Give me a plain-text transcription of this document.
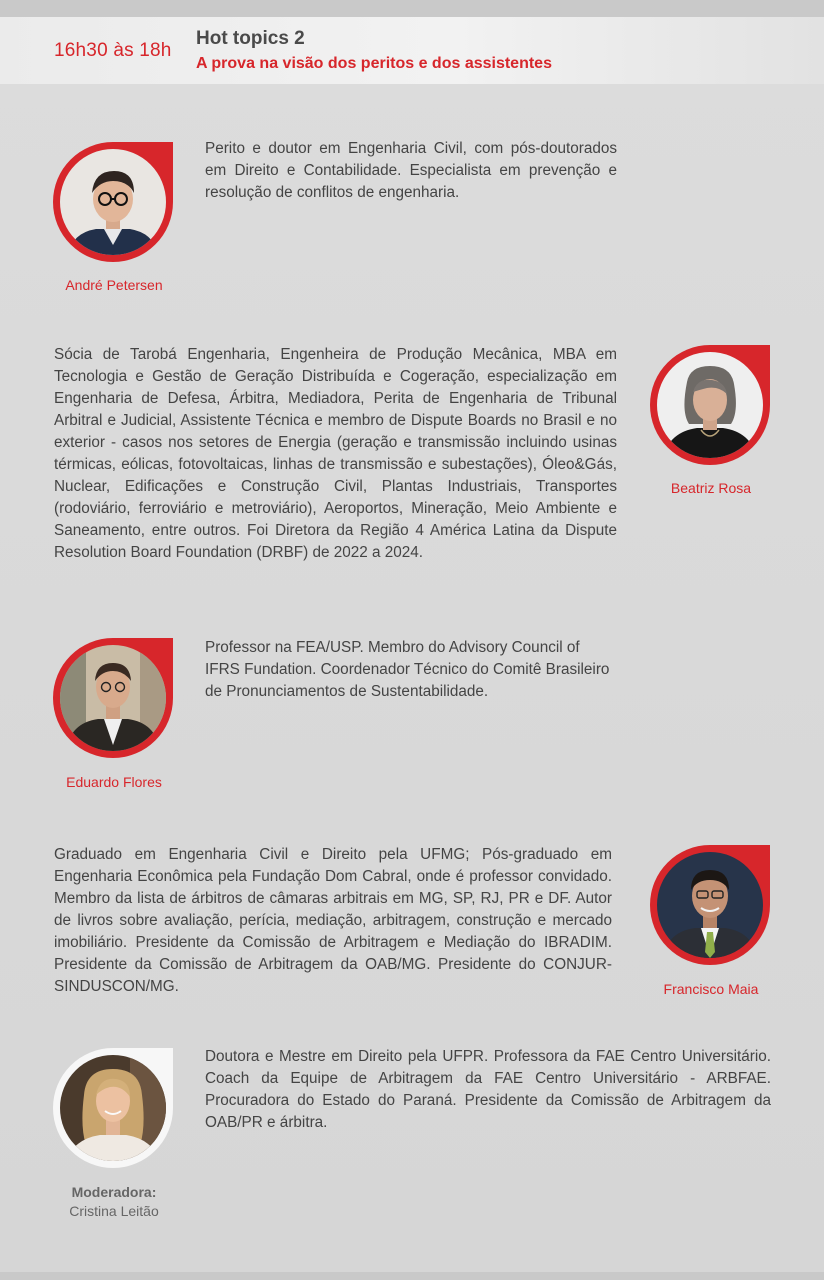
16h30 às 18h
Hot topics 2
A prova na visão dos peritos e dos assistentes
André Petersen
Perito e doutor em Engenharia Civil, com pós-doutorados em Direito e Contabilidade. Especialista em prevenção e resolução de conflitos de engenharia.
Sócia de Tarobá Engenharia, Engenheira de Produção Mecânica, MBA em Tecnologia e Gestão de Geração Distribuída e Cogeração, especialização em Engenharia de Defesa, Árbitra, Mediadora, Perita de Engenharia de Tribunal Arbitral e Judicial, Assistente Técnica e membro de Dispute Boards no Brasil e no exterior - casos nos setores de Energia (geração e transmissão incluindo usinas térmicas, eólicas, fotovoltaicas, linhas de transmissão e subestações), Óleo&Gás, Nuclear, Edificações e Construção Civil, Plantas Industriais, Transportes (rodoviário, ferroviário e metroviário), Aeroportos, Mineração, Meio Ambiente e Saneamento, entre outros. Foi Diretora da Região 4 América Latina da Dispute Resolution Board Foundation (DRBF) de 2022 a 2024.
Beatriz Rosa
Eduardo Flores
Professor na FEA/USP. Membro do Advisory Council of IFRS Fundation. Coordenador Técnico do Comitê Brasileiro de Pronunciamentos de Sustentabilidade.
Graduado em Engenharia Civil e Direito pela UFMG; Pós-graduado em Engenharia Econômica pela Fundação Dom Cabral, onde é professor convidado. Membro da lista de árbitros de câmaras arbitrais em MG, SP, RJ, PR e DF. Autor de livros sobre avaliação, perícia, mediação, arbitragem, construção e mercado imobiliário. Presidente da Comissão de Arbitragem e Mediação do IBRADIM. Presidente da Comissão de Arbitragem da OAB/MG. Presidente do CONJUR-SINDUSCON/MG.	Francisco Maia
Moderadora:
Cristina Leitão
Doutora e Mestre em Direito pela UFPR. Professora da FAE Centro Universitário. Coach da Equipe de Arbitragem da FAE Centro Universitário - ARBFAE. Procuradora do Estado do Paraná. Presidente da Comissão de Arbitragem da OAB/PR e árbitra.
